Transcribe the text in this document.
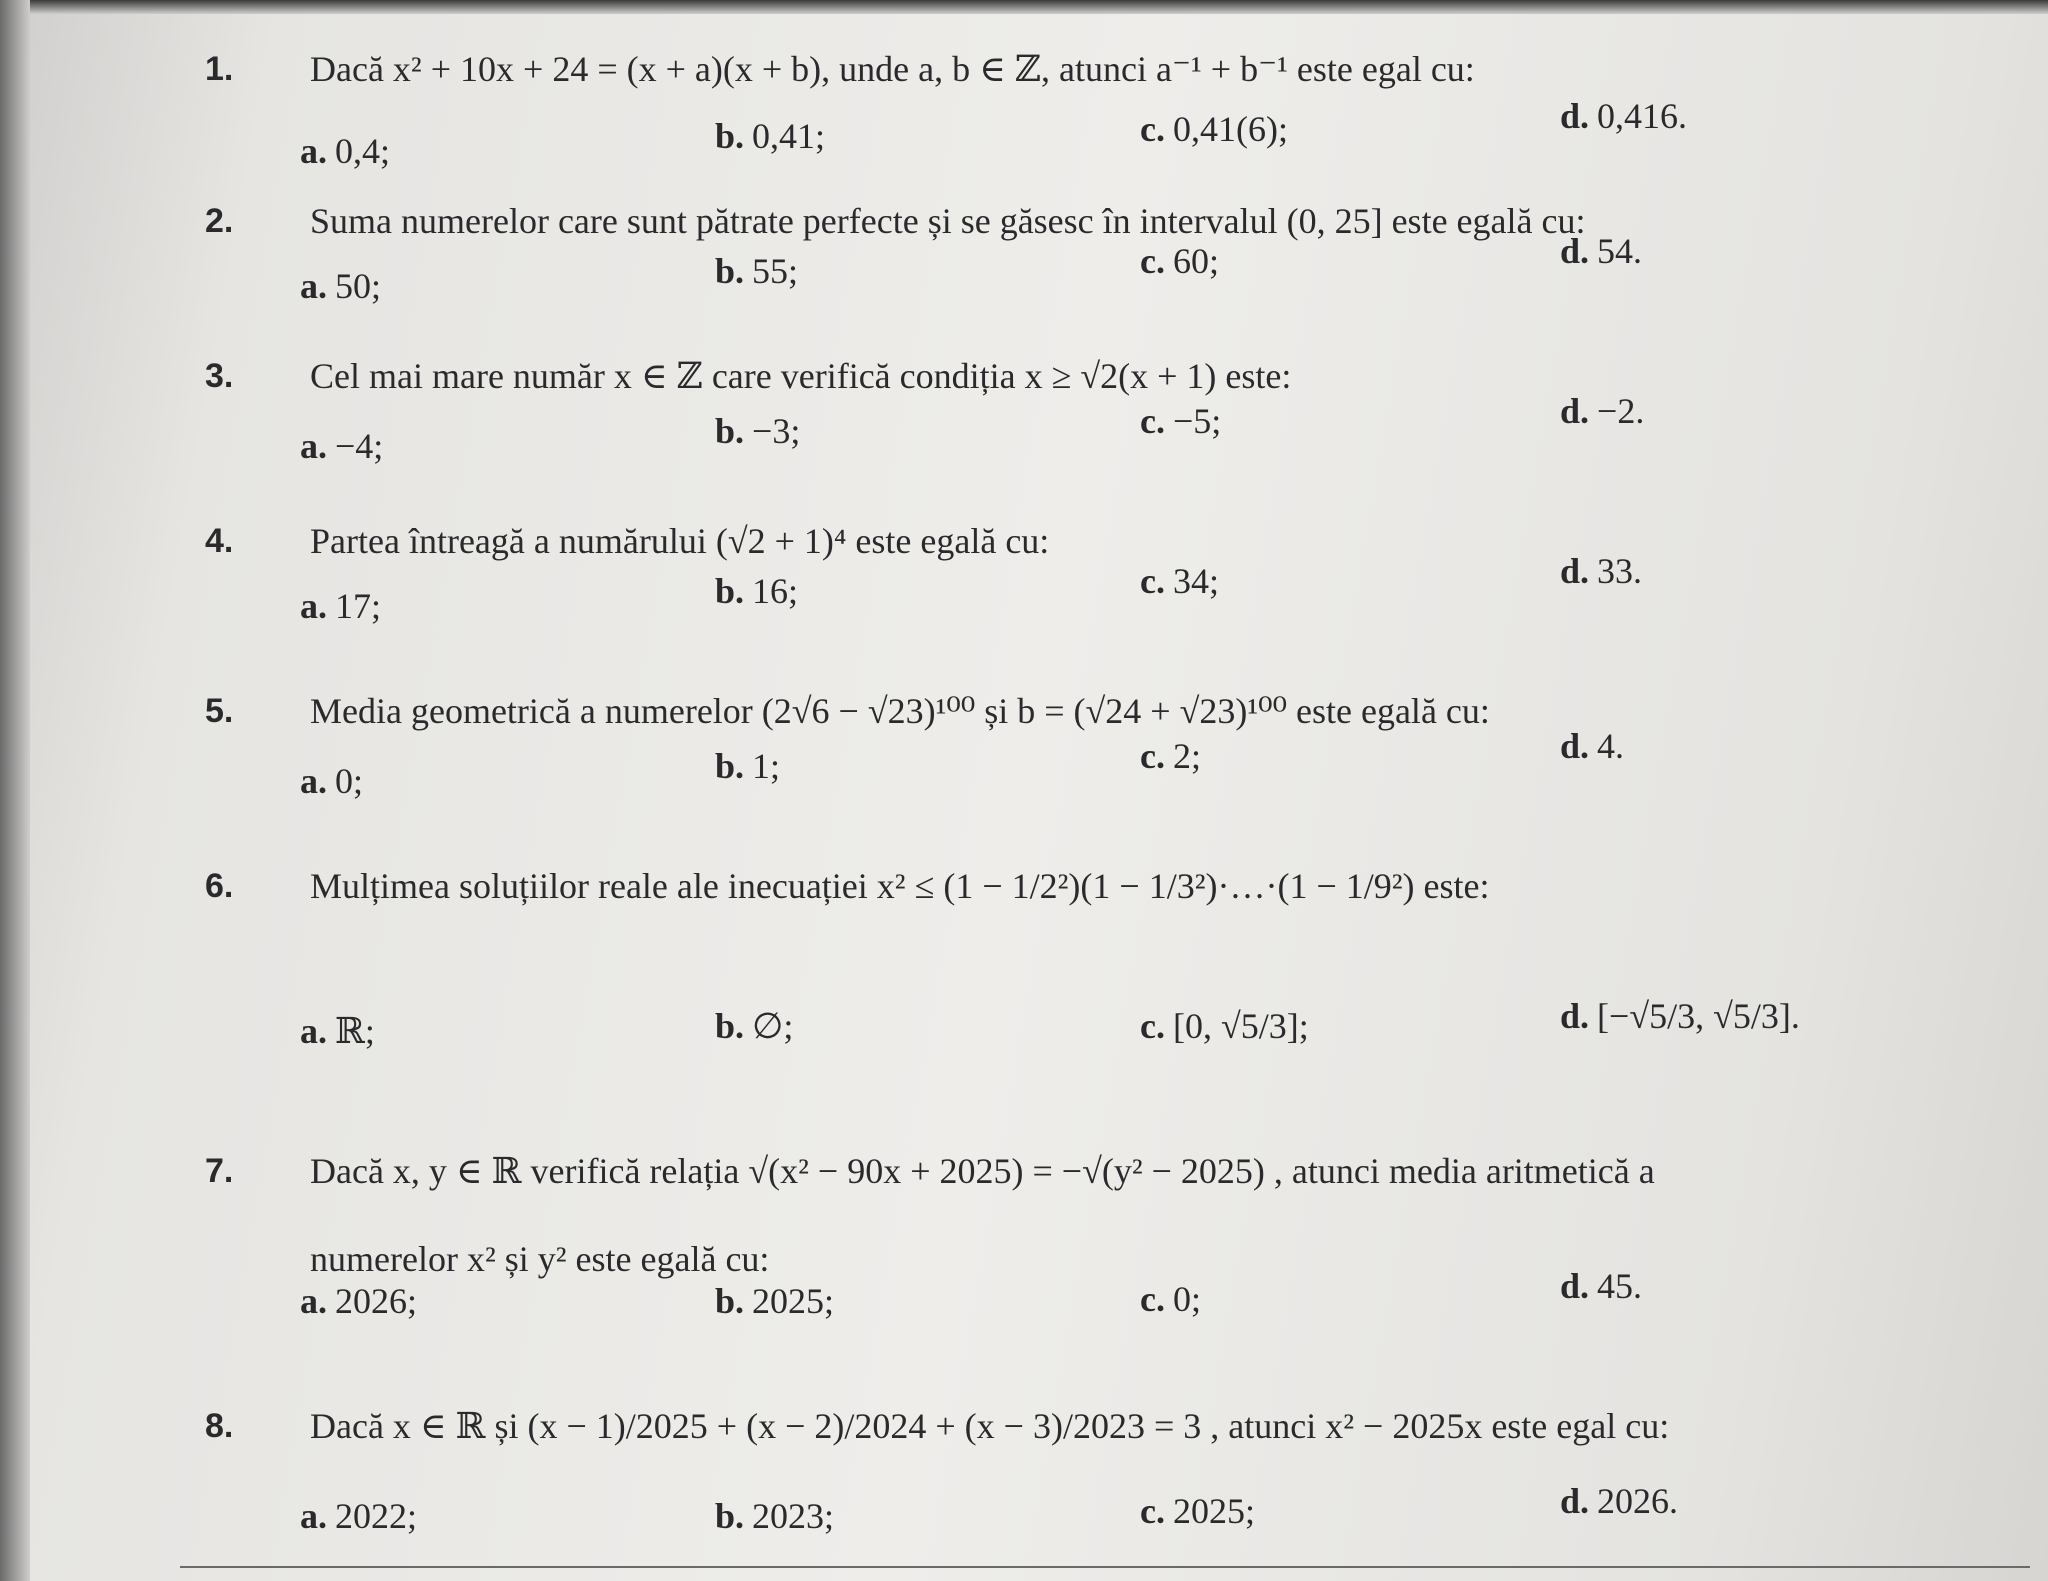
1. Dacă x² + 10x + 24 = (x + a)(x + b), unde a, b ∈ ℤ, atunci a⁻¹ + b⁻¹ este egal cu:
a. 0,4;	b. 0,41;	c. 0,41(6);	d. 0,416.
2. Suma numerelor care sunt pătrate perfecte și se găsesc în intervalul (0, 25] este egală cu:
a. 50;	b. 55;	c. 60;	d. 54.
3. Cel mai mare număr x ∈ ℤ care verifică condiția x ≥ √2(x + 1) este:
a. −4;	b. −3;	c. −5;	d. −2.
4. Partea întreagă a numărului (√2 + 1)⁴ este egală cu:
a. 17;	b. 16;	c. 34;	d. 33.
5. Media geometrică a numerelor (2√6 − √23)¹⁰⁰ și b = (√24 + √23)¹⁰⁰ este egală cu:
a. 0;	b. 1;	c. 2;	d. 4.
6. Mulțimea soluțiilor reale ale inecuației x² ≤ (1 − 1/2²)(1 − 1/3²)·…·(1 − 1/9²) este:
a. ℝ;	b. ∅;	c. [0, √5/3];	d. [−√5/3, √5/3].
7. Dacă x, y ∈ ℝ verifică relația √(x² − 90x + 2025) = −√(y² − 2025) , atunci media aritmetică a
numerelor x² și y² este egală cu:
a. 2026;	b. 2025;	c. 0;	d. 45.
8. Dacă x ∈ ℝ și (x − 1)/2025 + (x − 2)/2024 + (x − 3)/2023 = 3 , atunci x² − 2025x este egal cu:
a. 2022;	b. 2023;	c. 2025;	d. 2026.
